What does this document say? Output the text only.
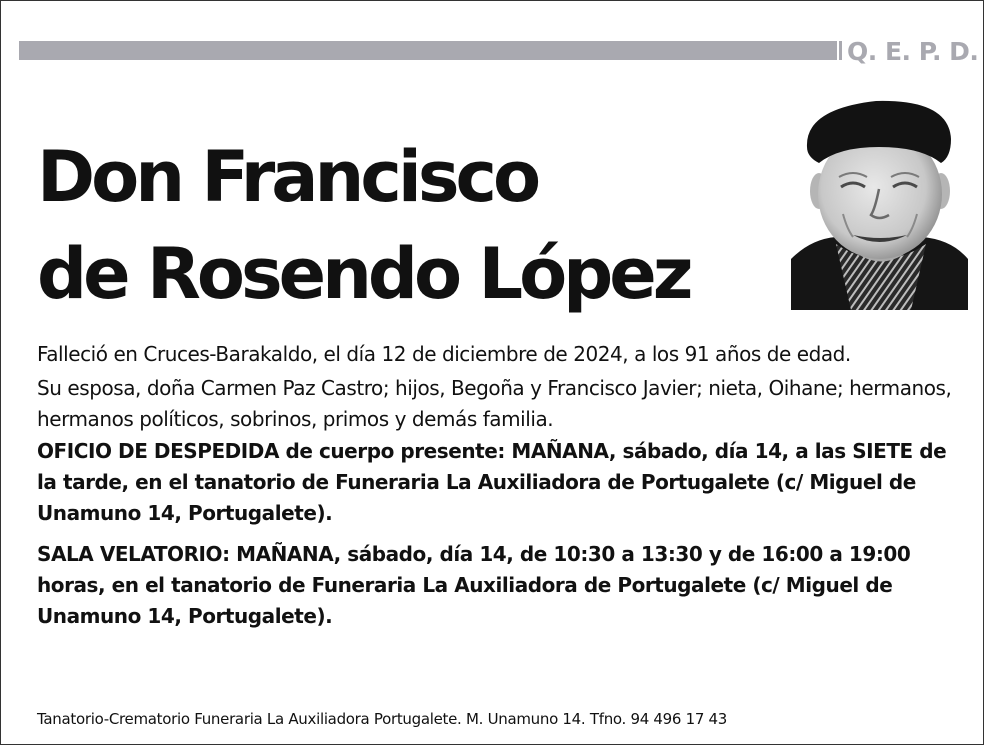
Q. E. P. D.
Don Francisco
de Rosendo López

Falleció en Cruces-Barakaldo, el día 12 de diciembre de 2024, a los 91 años de edad.

Su esposa, doña Carmen Paz Castro; hijos, Begoña y Francisco Javier; nieta, Oihane; hermanos, hermanos políticos, sobrinos, primos y demás familia.

OFICIO DE DESPEDIDA de cuerpo presente: MAÑANA, sábado, día 14, a las SIETE de la tarde, en el tanatorio de Funeraria La Auxiliadora de Portugalete (c/ Miguel de Unamuno 14, Portugalete).

SALA VELATORIO: MAÑANA, sábado, día 14, de 10:30 a 13:30 y de 16:00 a 19:00 horas, en el tanatorio de Funeraria La Auxiliadora de Portugalete (c/ Miguel de Unamuno 14, Portugalete).

Tanatorio-Crematorio Funeraria La Auxiliadora Portugalete. M. Unamuno 14. Tfno. 94 496 17 43
